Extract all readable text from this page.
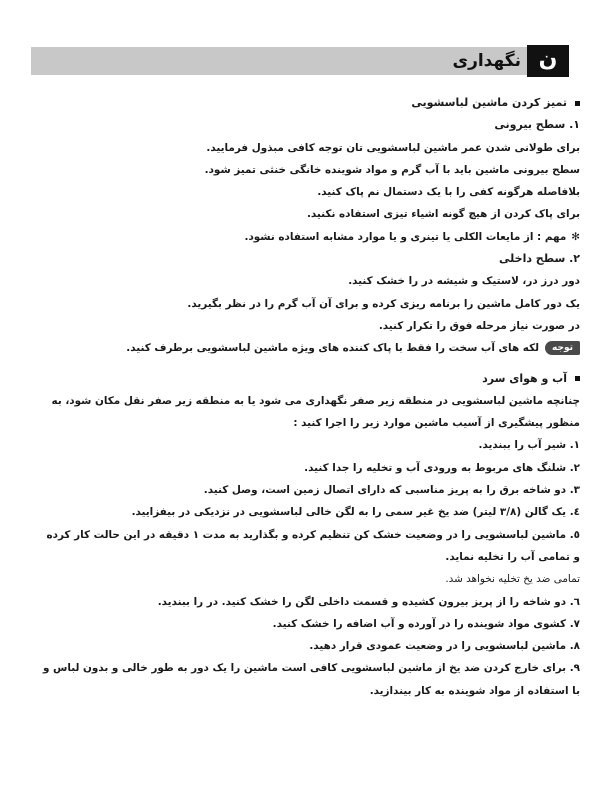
نگهداری ن
تمیز کردن ماشین لباسشویی
۱. سطح بیرونی
برای طولانی شدن عمر ماشین لباسشویی تان توجه کافی مبذول فرمایید.
سطح بیرونی ماشین باید با آب گرم و مواد شوینده خانگی خنثی تمیز شود.
بلافاصله هرگونه کفی را با یک دستمال نم پاک کنید.
برای پاک کردن از هیچ گونه اشیاء تیزی استفاده نکنید.
✻مهم : از مایعات الکلی یا تینری و یا موارد مشابه استفاده نشود.
۲. سطح داخلی
دور درز در، لاستیک و شیشه در را خشک کنید.
یک دور کامل ماشین را برنامه ریزی کرده و برای آن آب گرم را در نظر بگیرید.
در صورت نیاز مرحله فوق را تکرار کنید.
توجهلکه های آب سخت را فقط با پاک کننده های ویژه ماشین لباسشویی برطرف کنید.
آب و هوای سرد
چنانچه ماشین لباسشویی در منطقه زیر صفر نگهداری می شود یا به منطقه زیر صفر نقل مکان شود، به منظور پیشگیری از آسیب ماشین موارد زیر را اجرا کنید :
۱. شیر آب را ببندید.
۲. شلنگ های مربوط به ورودی آب و تخلیه را جدا کنید.
۳. دو شاخه برق را به پریز مناسبی که دارای اتصال زمین است، وصل کنید.
٤. یک گالن (۳/۸ لیتر) ضد یخ غیر سمی را به لگن خالی لباسشویی در نزدیکی در بیفزایید.
٥. ماشین لباسشویی را در وضعیت خشک کن تنظیم کرده و بگذارید به مدت ۱ دقیقه در این حالت کار کرده و تمامی آب را تخلیه نماید.
تمامی ضد یخ تخلیه نخواهد شد.
٦. دو شاخه را از پریز بیرون کشیده و قسمت داخلی لگن را خشک کنید. در را ببندید.
۷. کشوی مواد شوینده را در آورده و آب اضافه را خشک کنید.
۸. ماشین لباسشویی را در وضعیت عمودی قرار دهید.
۹. برای خارج کردن ضد یخ از ماشین لباسشویی کافی است ماشین را یک دور به طور خالی و بدون لباس و با استفاده از مواد شوینده به کار بیندازید.
